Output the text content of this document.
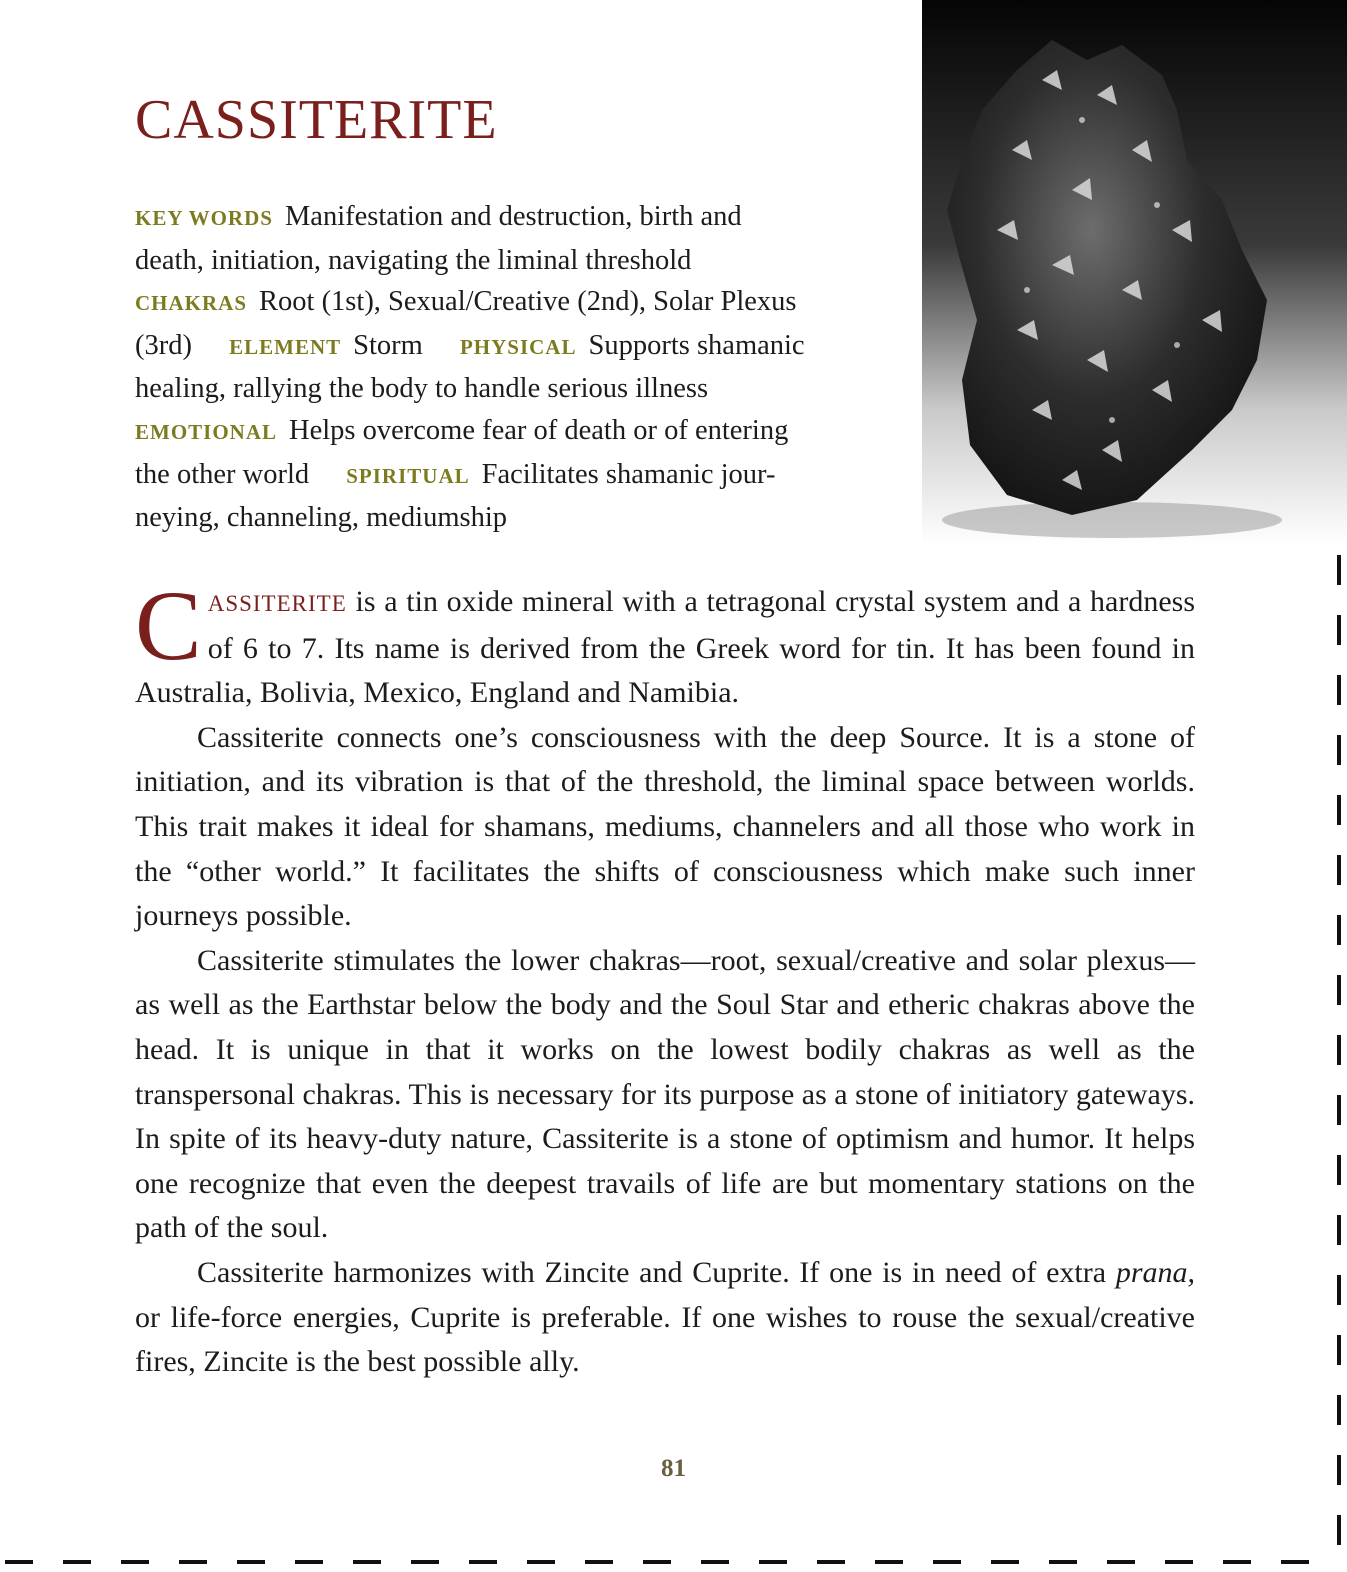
CASSITERITE
KEY WORDS Manifestation and destruction, birth and
death, initiation, navigating the liminal threshold
CHAKRAS Root (1st), Sexual/Creative (2nd), Solar Plexus
(3rd) ELEMENT Storm PHYSICAL Supports shamanic
healing, rallying the body to handle serious illness
EMOTIONAL Helps overcome fear of death or of entering
the other world SPIRITUAL Facilitates shamanic jour-
neying, channeling, mediumship

CASSITERITE is a tin oxide mineral with a tetragonal crystal system and a hardness of 6 to 7. Its name is derived from the Greek word for tin. It has been found in Australia, Bolivia, Mexico, England and Namibia.

Cassiterite connects one’s consciousness with the deep Source. It is a stone of initiation, and its vibration is that of the threshold, the liminal space between worlds. This trait makes it ideal for shamans, mediums, channelers and all those who work in the “other world.” It facilitates the shifts of consciousness which make such inner journeys possible.

Cassiterite stimulates the lower chakras—root, sexual/creative and solar plexus—as well as the Earthstar below the body and the Soul Star and etheric chakras above the head. It is unique in that it works on the lowest bodily chakras as well as the transpersonal chakras. This is necessary for its purpose as a stone of initiatory gateways. In spite of its heavy-duty nature, Cassiterite is a stone of optimism and humor. It helps one recognize that even the deepest travails of life are but momentary stations on the path of the soul.

Cassiterite harmonizes with Zincite and Cuprite. If one is in need of extra prana, or life-force energies, Cuprite is preferable. If one wishes to rouse the sexual/creative fires, Zincite is the best possible ally.

81
